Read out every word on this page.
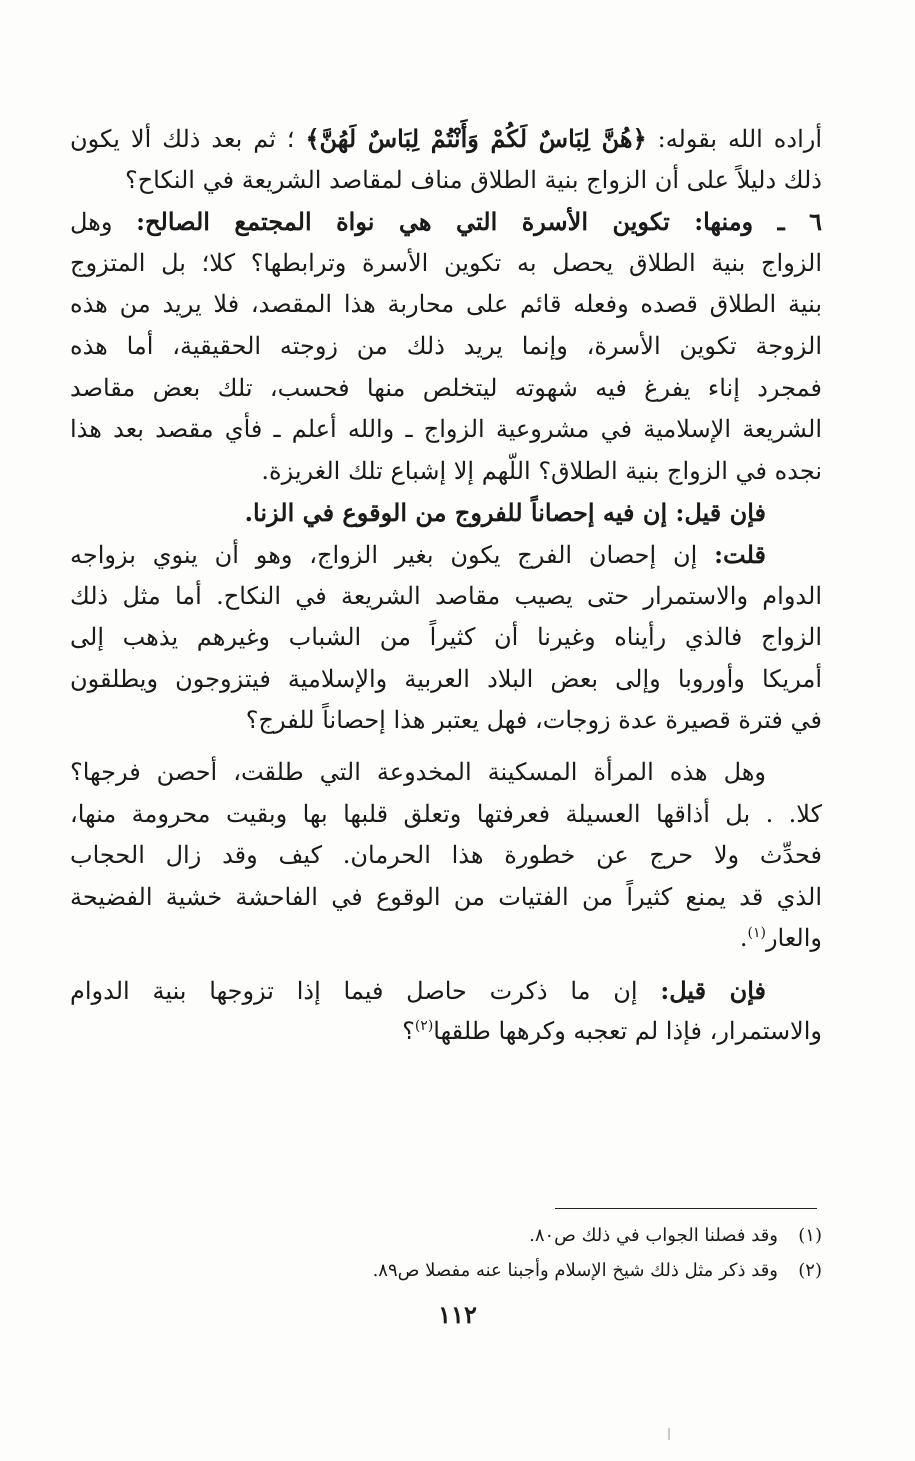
أراده الله بقوله: ﴿هُنَّ لِبَاسٌ لَكُمْ وَأَنْتُمْ لِبَاسٌ لَهُنَّ﴾ ؛ ثم بعد ذلك ألا يكون
ذلك دليلاً على أن الزواج بنية الطلاق مناف لمقاصد الشريعة في النكاح؟
٦ ـ ومنها: تكوين الأسرة التي هي نواة المجتمع الصالح: وهل
الزواج بنية الطلاق يحصل به تكوين الأسرة وترابطها؟ كلا؛ بل المتزوج
بنية الطلاق قصده وفعله قائم على محاربة هذا المقصد، فلا يريد من هذه
الزوجة تكوين الأسرة، وإنما يريد ذلك من زوجته الحقيقية، أما هذه
فمجرد إناء يفرغ فيه شهوته ليتخلص منها فحسب، تلك بعض مقاصد
الشريعة الإسلامية في مشروعية الزواج ـ والله أعلم ـ فأي مقصد بعد هذا
نجده في الزواج بنية الطلاق؟ اللّهم إلا إشباع تلك الغريزة.
فإن قيل: إن فيه إحصاناً للفروج من الوقوع في الزنا.
قلت: إن إحصان الفرج يكون بغير الزواج، وهو أن ينوي بزواجه
الدوام والاستمرار حتى يصيب مقاصد الشريعة في النكاح. أما مثل ذلك
الزواج فالذي رأيناه وغيرنا أن كثيراً من الشباب وغيرهم يذهب إلى
أمريكا وأوروبا وإلى بعض البلاد العربية والإسلامية فيتزوجون ويطلقون
في فترة قصيرة عدة زوجات، فهل يعتبر هذا إحصاناً للفرج؟
وهل هذه المرأة المسكينة المخدوعة التي طلقت، أحصن فرجها؟
كلا. . بل أذاقها العسيلة فعرفتها وتعلق قلبها بها وبقيت محرومة منها،
فحدِّث ولا حرج عن خطورة هذا الحرمان. كيف وقد زال الحجاب
الذي قد يمنع كثيراً من الفتيات من الوقوع في الفاحشة خشية الفضيحة
والعار$^{(١)}$.
فإن قيل: إن ما ذكرت حاصل فيما إذا تزوجها بنية الدوام
والاستمرار، فإذا لم تعجبه وكرهها طلقها$^{(٢)}$؟
(١)وقد فصلنا الجواب في ذلك ص٨٠.
(٢)وقد ذكر مثل ذلك شيخ الإسلام وأجبنا عنه مفصلا ص٨٩.
١١٢
